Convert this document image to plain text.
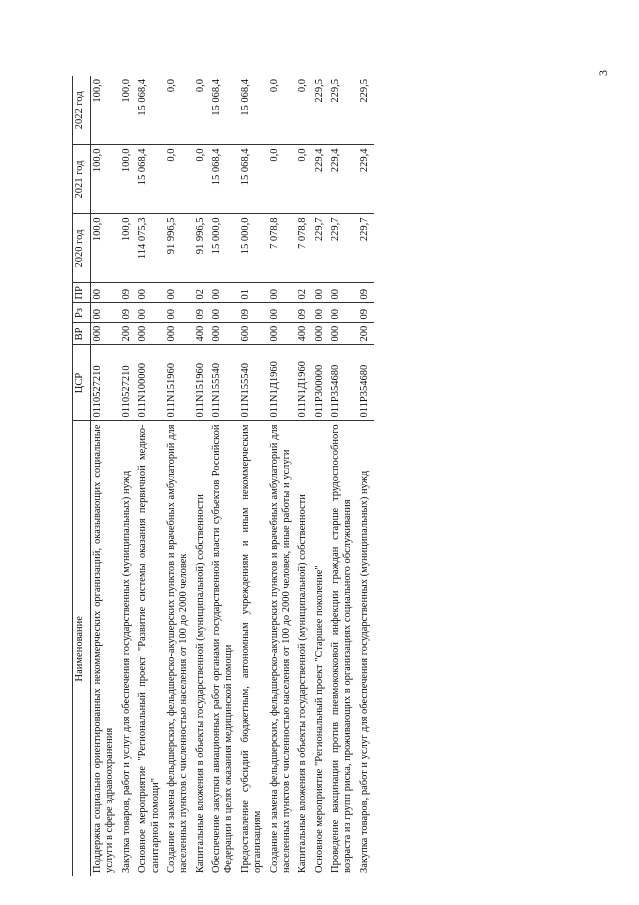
3
Наименование	ЦСР	ВР	Рз	ПР	2020 год	2021 год	2022 год
Поддержка социально ориентированных некоммерческих организаций, оказывающих социальные услуги в сфере здравоохранения	0110527210	000	00	00	100,0	100,0	100,0
Закупка товаров, работ и услуг для обеспечения государственных (муниципальных) нужд	0110527210	200	09	09	100,0	100,0	100,0
Основное мероприятие "Региональный проект "Развитие системы оказания первичной медико-санитарной помощи"	011N100000	000	00	00	114 075,3	15 068,4	15 068,4
Создание и замена фельдшерских, фельдшерско-акушерских пунктов и врачебных амбулаторий для населенных пунктов с численностью населения от 100 до 2000 человек	011N151960	000	00	00	91 996,5	0,0	0,0
Капитальные вложения в объекты государственной (муниципальной) собственности	011N151960	400	09	02	91 996,5	0,0	0,0
Обеспечение закупки авиационных работ органами государственной власти субъектов Российской Федерации в целях оказания медицинской помощи	011N155540	000	00	00	15 000,0	15 068,4	15 068,4
Предоставление субсидий бюджетным, автономным учреждениям и иным некоммерческим организациям	011N155540	600	09	01	15 000,0	15 068,4	15 068,4
Создание и замена фельдшерских, фельдшерско-акушерских пунктов и врачебных амбулаторий для населенных пунктов с численностью населения от 100 до 2000 человек, иные работы и услуги	011N1Д1960	000	00	00	7 078,8	0,0	0,0
Капитальные вложения в объекты государственной (муниципальной) собственности	011N1Д1960	400	09	02	7 078,8	0,0	0,0
Основное мероприятие "Региональный проект "Старшее поколение"	011P300000	000	00	00	229,7	229,4	229,5
Проведение вакцинации против пневмококковой инфекции граждан старше трудоспособного возраста из групп риска, проживающих в организациях социального обслуживания	011P354680	000	00	00	229,7	229,4	229,5
Закупка товаров, работ и услуг для обеспечения государственных (муниципальных) нужд	011P354680	200	09	09	229,7	229,4	229,5
